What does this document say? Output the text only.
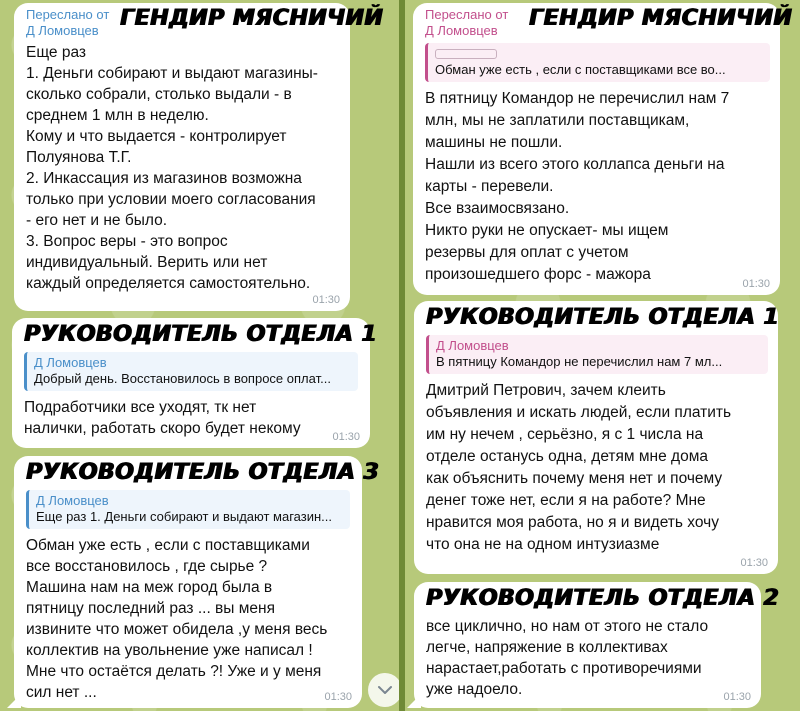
Переслано от
Д Ломовцев
Еще раз
1. Деньги собирают и выдают магазины-
сколько собрали, столько выдали - в
среднем 1 млн в неделю.
Кому и что выдается - контролирует
Полуянова Т.Г.
2. Инкассация из магазинов возможна
только при условии моего согласования
- его нет и не было.
3. Вопрос веры - это вопрос
индивидуальный. Верить или нет
каждый определяется самостоятельно.
01:30
ГЕНДИР МЯСНИЧИЙ
РУКОВОДИТЕЛЬ ОТДЕЛА 1
Д Ломовцев
Добрый день. Восстановилось в вопросе оплат...
Подработчики все уходят, тк нет
налички, работать скоро будет некому	01:30
РУКОВОДИТЕЛЬ ОТДЕЛА 3
Д Ломовцев
Еще раз 1. Деньги собирают и выдают магазин...
Обман уже есть , если с поставщиками
все восстановилось , где сырье ?
Машина нам на меж город была в
пятницу последний раз ... вы меня
извините что может обидела ,у меня весь
коллектив на увольнение уже написал !
Мне что остаётся делать ?! Уже и у меня
сил нет ...	01:30
Переслано от
Д Ломовцев
Обман уже есть , если с поставщиками все во...
В пятницу Командор не перечислил нам 7
млн, мы не заплатили поставщикам,
машины не пошли.
Нашли из всего этого коллапса деньги на
карты - перевели.
Все взаимосвязано.
Никто руки не опускает- мы ищем
резервы для оплат с учетом
произошедшего форс - мажора
01:30
ГЕНДИР МЯСНИЧИЙ
РУКОВОДИТЕЛЬ ОТДЕЛА 1
Д Ломовцев
В пятницу Командор не перечислил нам 7 мл...
Дмитрий Петрович, зачем клеить
объявления и искать людей, если платить
им ну нечем , серьёзно, я с 1 числа на
отделе останусь одна, детям мне дома
как объяснить почему меня нет и почему
денег тоже нет, если я на работе? Мне
нравится моя работа, но я и видеть хочу
что она не на одном интузиазме
01:30
РУКОВОДИТЕЛЬ ОТДЕЛА 2
все циклично, но нам от этого не стало
легче, напряжение в коллективах
нарастает,работать с противоречиями
уже надоело.	01:30
